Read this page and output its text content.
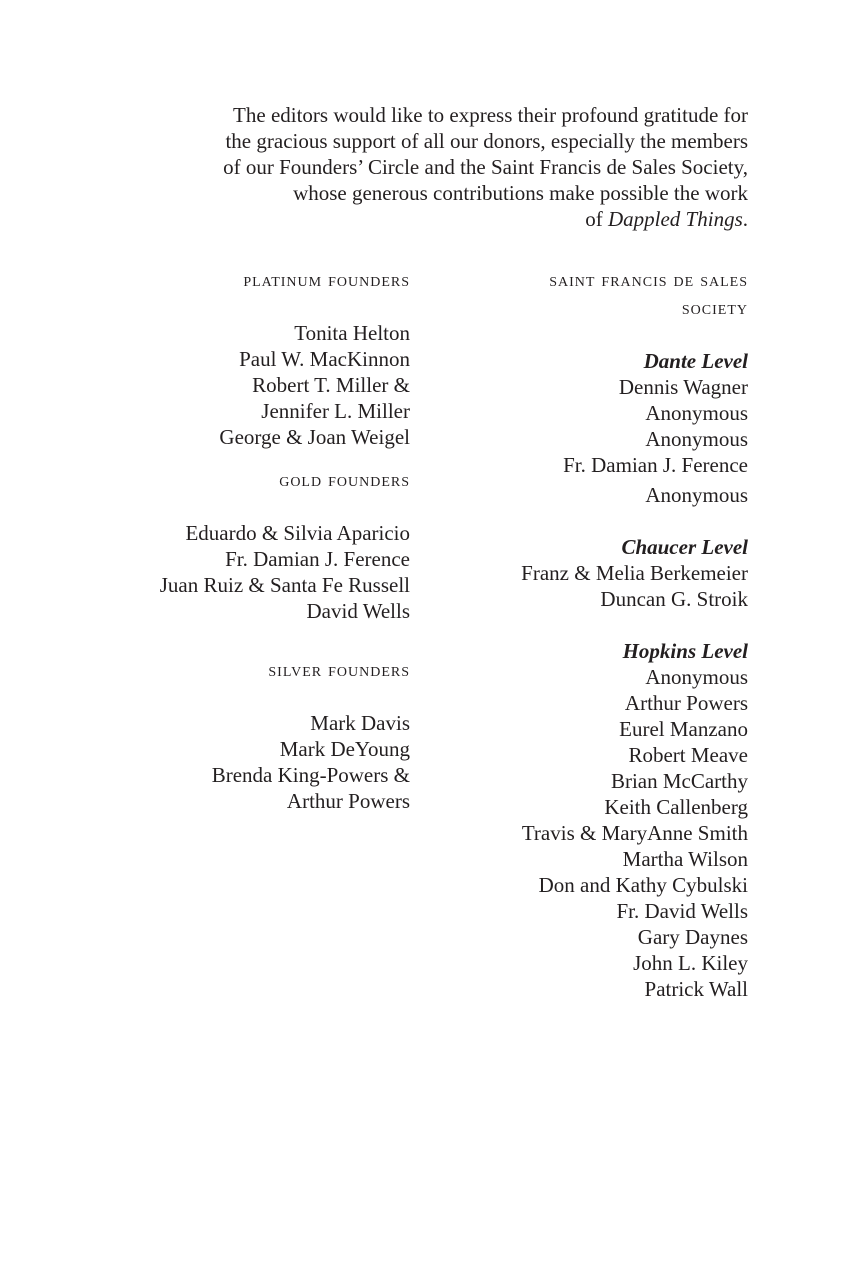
The editors would like to express their profound gratitude for
the gracious support of all our donors, especially the members
of our Founders’ Circle and the Saint Francis de Sales Society,
whose generous contributions make possible the work
of Dappled Things.
platinum founders
Tonita Helton
Paul W. MacKinnon
Robert T. Miller &
Jennifer L. Miller
George & Joan Weigel
gold founders
Eduardo & Silvia Aparicio
Fr. Damian J. Ference
Juan Ruiz & Santa Fe Russell
David Wells
silver founders
Mark Davis
Mark DeYoung
Brenda King-Powers &
Arthur Powers
saint francis de sales
society
Dante Level
Dennis Wagner
Anonymous
Anonymous
Fr. Damian J. Ference
Anonymous
Chaucer Level
Franz & Melia Berkemeier
Duncan G. Stroik
Hopkins Level
Anonymous
Arthur Powers
Eurel Manzano
Robert Meave
Brian McCarthy
Keith Callenberg
Travis & MaryAnne Smith
Martha Wilson
Don and Kathy Cybulski
Fr. David Wells
Gary Daynes
John L. Kiley
Patrick Wall
